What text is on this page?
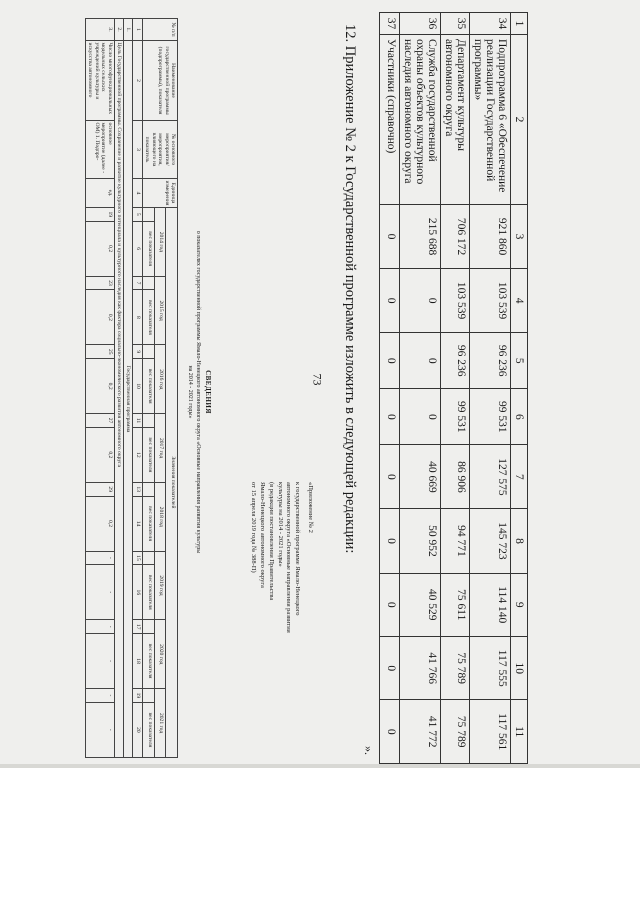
73
1	2	3	4	5	6	7	8	9	10	11
34	Подпрограмма 6 «Обеспечение реализации Государственной программы»	921 860	103 539	96 236	99 531	127 575	145 723	114 140	117 555	117 561
35	Департамент культуры автономного округа	706 172	103 539	96 236	99 531	86 906	94 771	75 611	75 789	75 789
36	Служба государственной охраны объектов культурного наследия автономного округа	215 688	0	0	0	40 669	50 952	40 529	41 766	41 772
37	Участники (справочно)	0	0	0	0	0	0	0	0	0
».
12. Приложение № 2 к Государственной программе изложить в следующей редакции:
«Приложение № 2
к государственной программе Ямало-Ненецкого
автономного округа «Основные направления развития
культуры на 2014 - 2021 годы»
(в редакции постановления Правительства
Ямало-Ненецкого автономного округа
от 15 апреля 2019 года № 388-П)
СВЕДЕНИЯ
о показателях государственной программы Ямало-Ненецкого автономного округа «Основные направления развития культуры
на 2014 - 2021 годы»
№ п/п	Наименование государственной программы (подпрограммы), показателя	№ основного мероприятия/мероприятия, влияющего на показатель	Единица измерения	Значения показателей															
				2014 год		2015 год		2016 год		2017 год		2018 год		2019 год		2020 год		2021 год	
					вес показателя		вес показателя		вес показателя		вес показателя		вес показателя		вес показателя		вес показателя		вес показателя
1	2	3	4	5	6	7	8	9	10	11	12	13	14	15	16	17	18	19	20
1.	Государственная программа																		
2.	Цель Государственной программы. Сохранение и развитие культурного потенциала и культурного наследия как фактора социально-экономического развития автономного округа																		
3.	Число многофункциональных модельных сельских учреждений культуры и искусства автономного	основное мероприятие (далее - ОМ) 1. Подпро-	ед.	19	0,2	23	0,2	25	0,2	27	0,2	29	0,2	-	-	-	-	-	-
